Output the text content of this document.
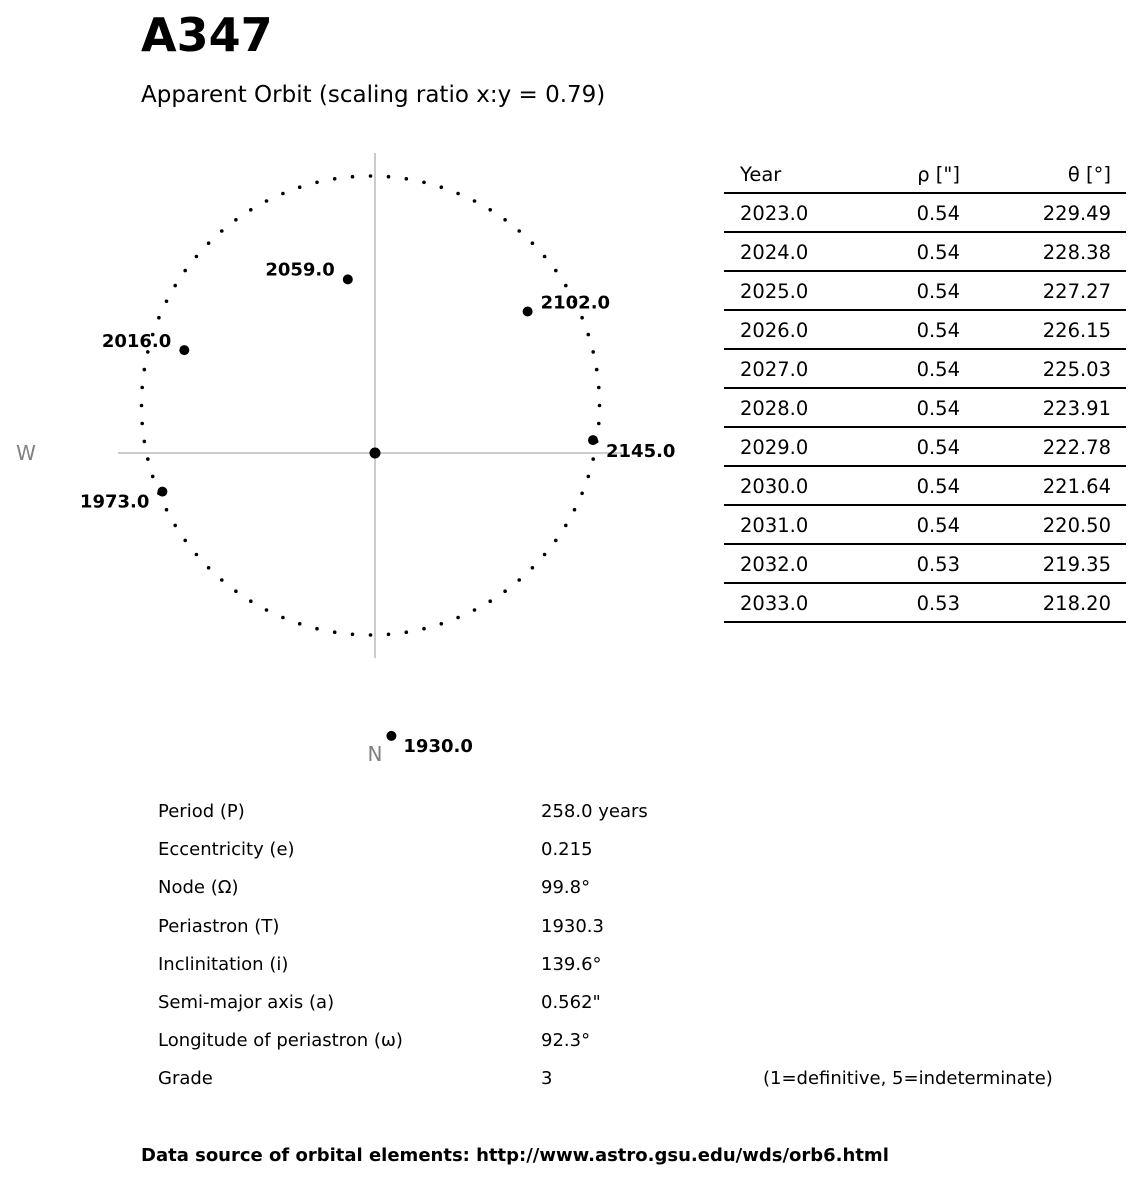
A347
Apparent Orbit (scaling ratio x:y = 0.79)
1930.0
1973.0
2016.0
2059.0
2102.0
2145.0
W
N
Year	ρ ["]	θ [°]
2023.0	0.54	229.49
2024.0	0.54	228.38
2025.0	0.54	227.27
2026.0	0.54	226.15
2027.0	0.54	225.03
2028.0	0.54	223.91
2029.0	0.54	222.78
2030.0	0.54	221.64
2031.0	0.54	220.50
2032.0	0.53	219.35
2033.0	0.53	218.20
Period (P)	258.0 years
Eccentricity (e)	0.215
Node (Ω)	99.8°
Periastron (T)	1930.3
Inclinitation (i)	139.6°
Semi-major axis (a)	0.562"
Longitude of periastron (ω)	92.3°
Grade	3	(1=definitive, 5=indeterminate)
Data source of orbital elements: http://www.astro.gsu.edu/wds/orb6.html
